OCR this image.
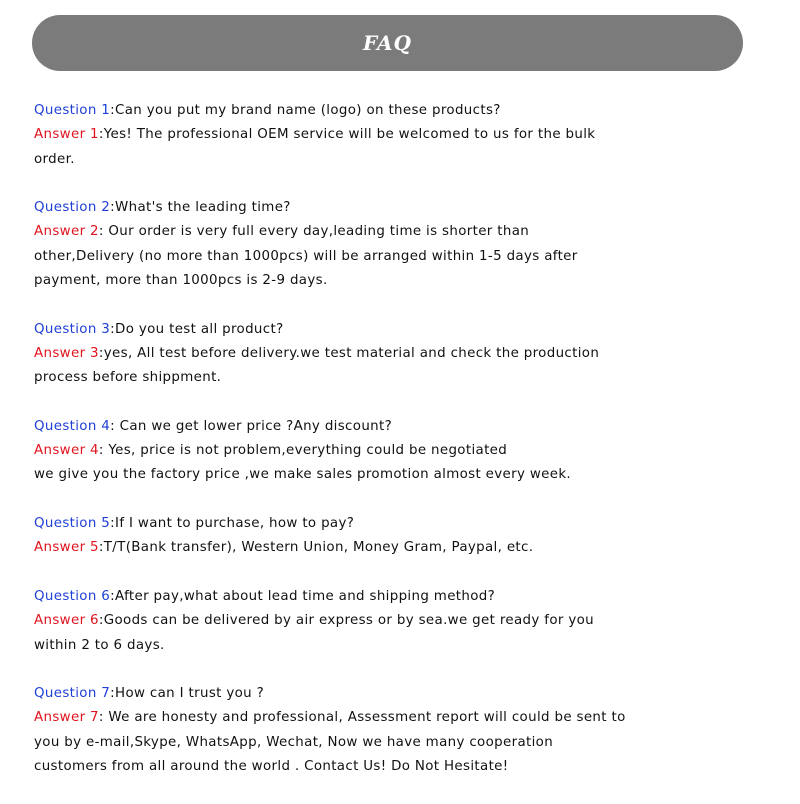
FAQ
Question 1:Can you put my brand name (logo) on these products?
Answer 1:Yes! The professional OEM service will be welcomed to us for the bulk
order.
Question 2:What's the leading time?
Answer 2: Our order is very full every day,leading time is shorter than
other,Delivery (no more than 1000pcs) will be arranged within 1-5 days after
payment, more than 1000pcs is 2-9 days.
Question 3:Do you test all product?
Answer 3:yes, All test before delivery.we test material and check the production
process before shippment.
Question 4: Can we get lower price ?Any discount?
Answer 4: Yes, price is not problem,everything could be negotiated
we give you the factory price ,we make sales promotion almost every week.
Question 5:If I want to purchase, how to pay?
Answer 5:T/T(Bank transfer), Western Union, Money Gram, Paypal, etc.
Question 6:After pay,what about lead time and shipping method?
Answer 6:Goods can be delivered by air express or by sea.we get ready for you
within 2 to 6 days.
Question 7:How can I trust you ?
Answer 7: We are honesty and professional, Assessment report will could be sent to
you by e-mail,Skype, WhatsApp, Wechat, Now we have many cooperation
customers from all around the world . Contact Us! Do Not Hesitate!
